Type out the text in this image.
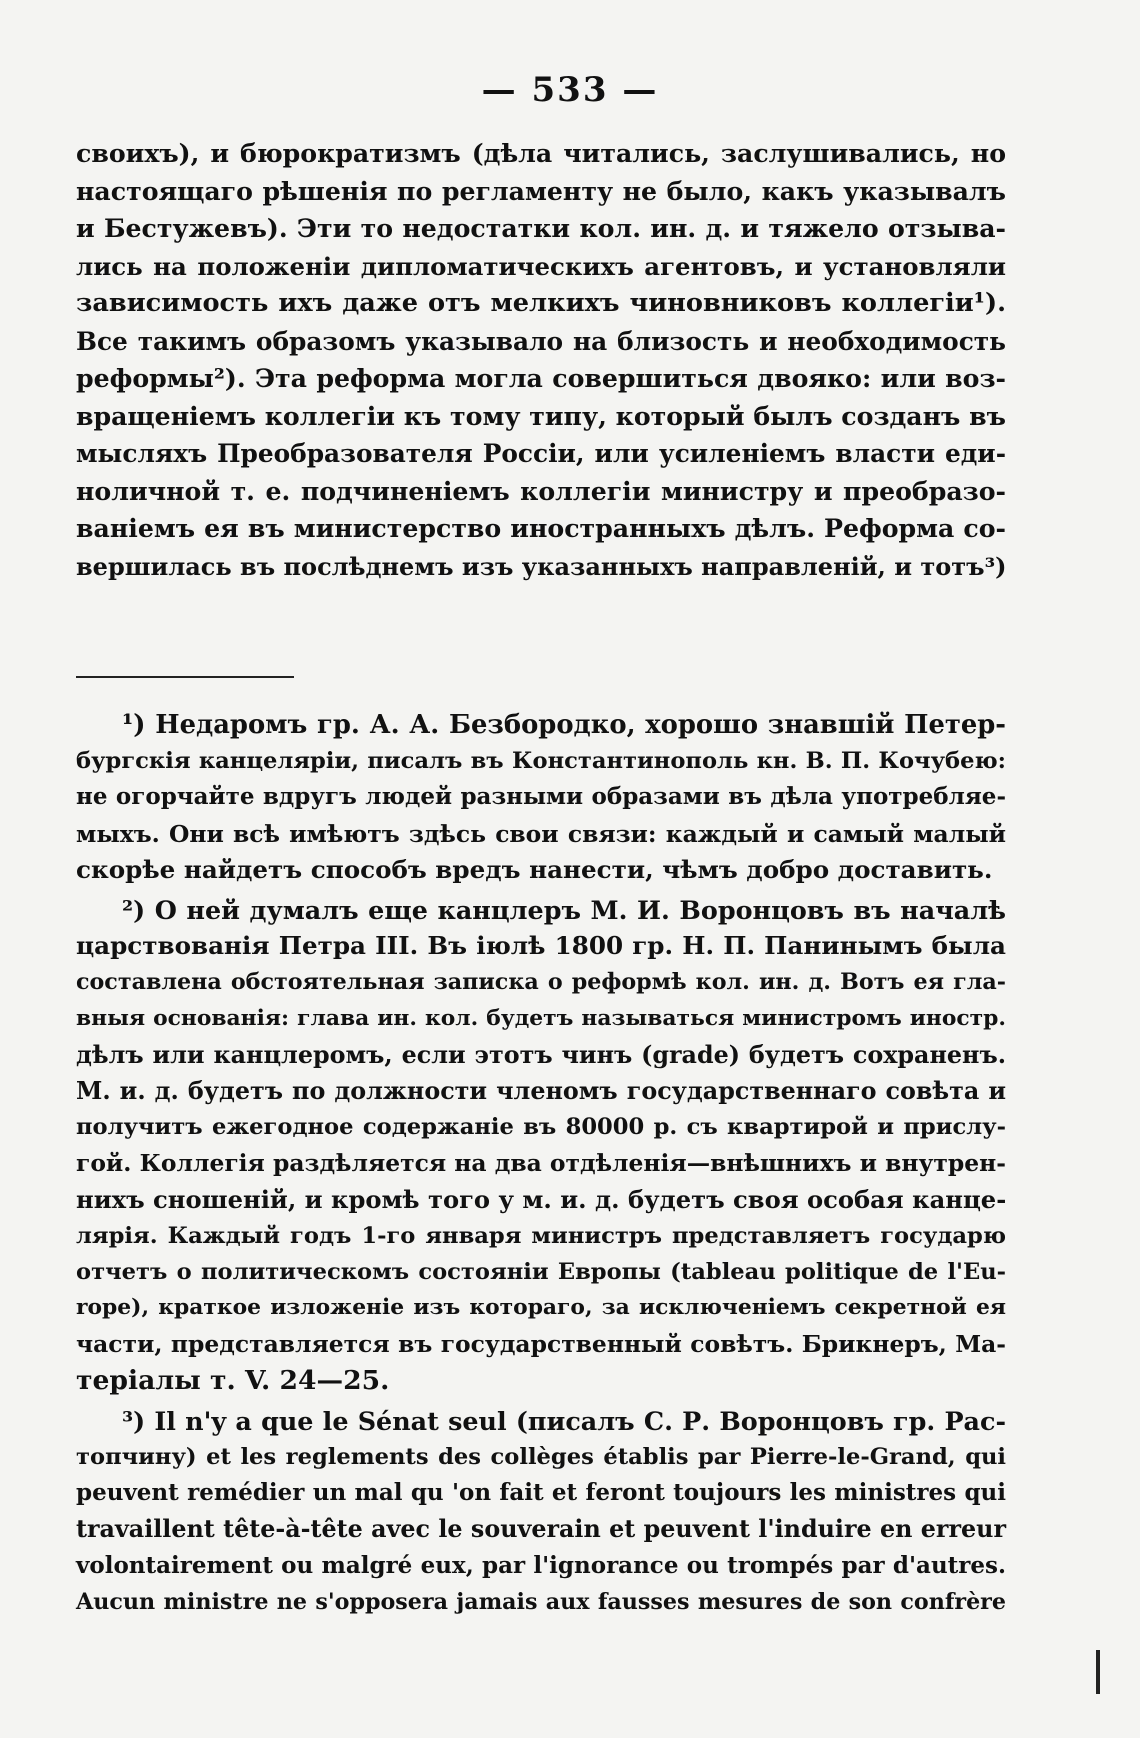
— 533 —
своихъ), и бюрократизмъ (дѣла читались, заслушивались, но
настоящаго рѣшенія по регламенту не было, какъ указывалъ
и Бестужевъ). Эти то недостатки кол. ин. д. и тяжело отзыва-
лись на положеніи дипломатическихъ агентовъ, и установляли
зависимость ихъ даже отъ мелкихъ чиновниковъ коллегіи¹).
Все такимъ образомъ указывало на близость и необходимость
реформы²). Эта реформа могла совершиться двояко: или воз-
вращеніемъ коллегіи къ тому типу, который былъ созданъ въ
мысляхъ Преобразователя Россіи, или усиленіемъ власти еди-
ноличной т. е. подчиненіемъ коллегіи министру и преобразо-
ваніемъ ея въ министерство иностранныхъ дѣлъ. Реформа со-
вершилась въ послѣднемъ изъ указанныхъ направленій, и тотъ³)
¹) Недаромъ гр. А. А. Безбородко, хорошо знавшій Петер-
бургскія канцеляріи, писалъ въ Константинополь кн. В. П. Кочубею:
не огорчайте вдругъ людей разными образами въ дѣла употребляе-
мыхъ. Они всѣ имѣютъ здѣсь свои связи: каждый и самый малый
скорѣе найдетъ способъ вредъ нанести, чѣмъ добро доставить.
²) О ней думалъ еще канцлеръ М. И. Воронцовъ въ началѣ
царствованія Петра III. Въ іюлѣ 1800 гр. Н. П. Панинымъ была
составлена обстоятельная записка о реформѣ кол. ин. д. Вотъ ея гла-
вныя основанія: глава ин. кол. будетъ называться министромъ иностр.
дѣлъ или канцлеромъ, если этотъ чинъ (grade) будетъ сохраненъ.
М. и. д. будетъ по должности членомъ государственнаго совѣта и
получитъ ежегодное содержаніе въ 80000 р. съ квартирой и прислу-
гой. Коллегія раздѣляется на два отдѣленія—внѣшнихъ и внутрен-
нихъ сношеній, и кромѣ того у м. и. д. будетъ своя особая канце-
лярія. Каждый годъ 1-го января министръ представляетъ государю
отчетъ о политическомъ состояніи Европы (tableau politique de l'Eu-
rope), краткое изложеніе изъ котораго, за исключеніемъ секретной ея
части, представляется въ государственный совѣтъ. Брикнеръ, Ма-
теріалы т. V. 24—25.
³) Il n'y a que le Sénat seul (писалъ С. Р. Воронцовъ гр. Рас-
топчину) et les reglements des collèges établis par Pierre-le-Grand, qui
peuvent remédier un mal qu 'on fait et feront toujours les ministres qui
travaillent tête-à-tête avec le souverain et peuvent l'induire en erreur
volontairement ou malgré eux, par l'ignorance ou trompés par d'autres.
Aucun ministre ne s'opposera jamais aux fausses mesures de son confrère
